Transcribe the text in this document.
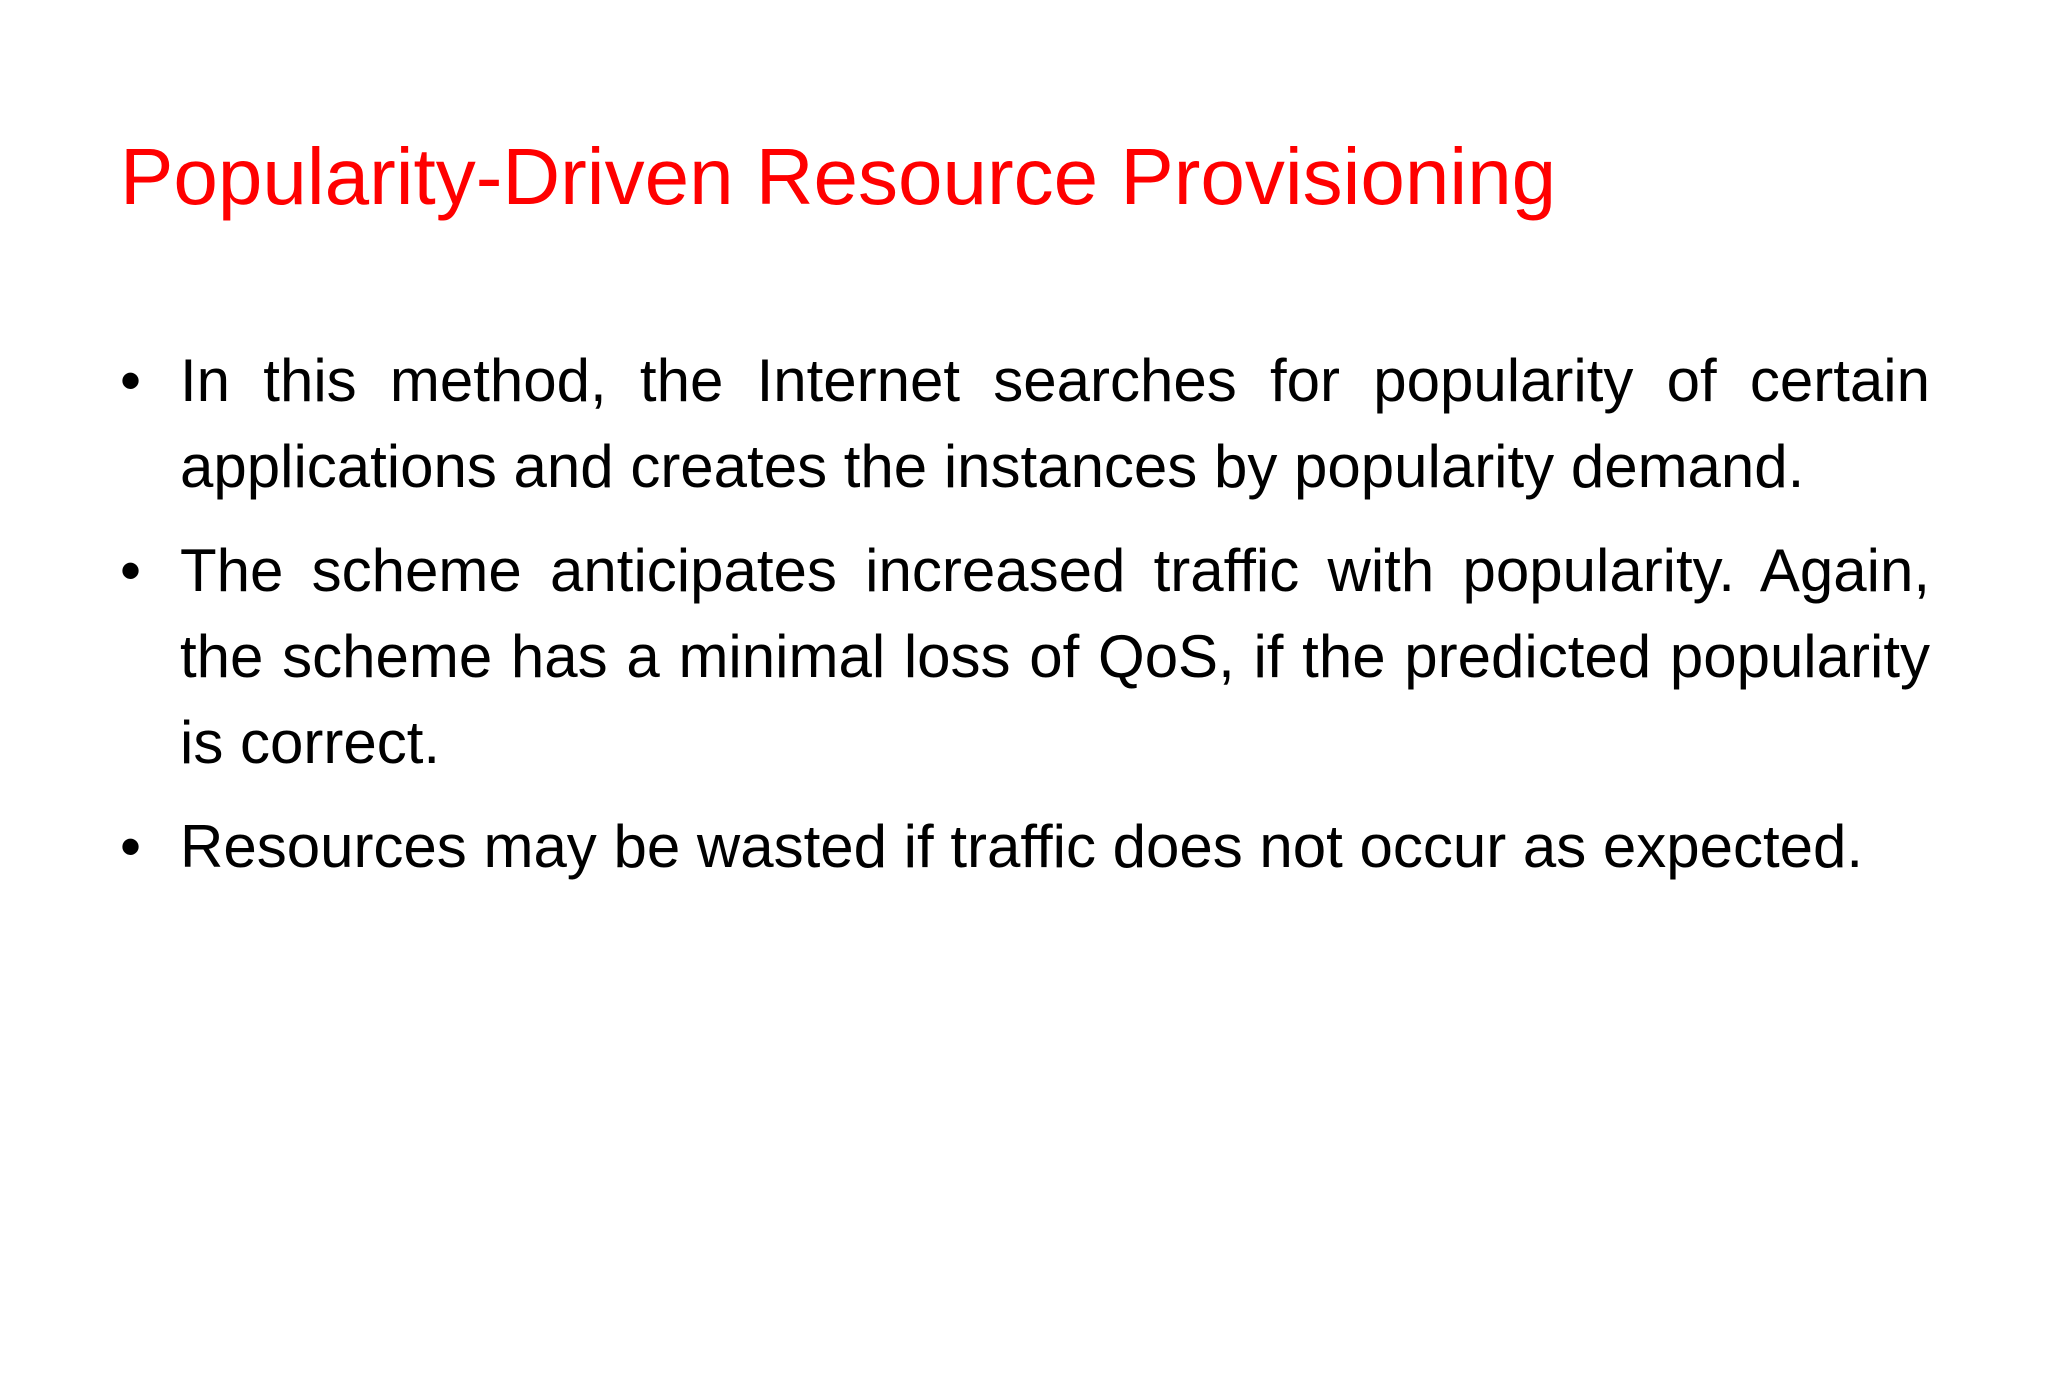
Popularity-Driven Resource Provisioning
• In this method, the Internet searches for popularity of certain applications and creates the instances by popularity demand.
• The scheme anticipates increased traffic with popularity. Again, the scheme has a minimal loss of QoS, if the predicted popularity is correct.
• Resources may be wasted if traffic does not occur as expected.
